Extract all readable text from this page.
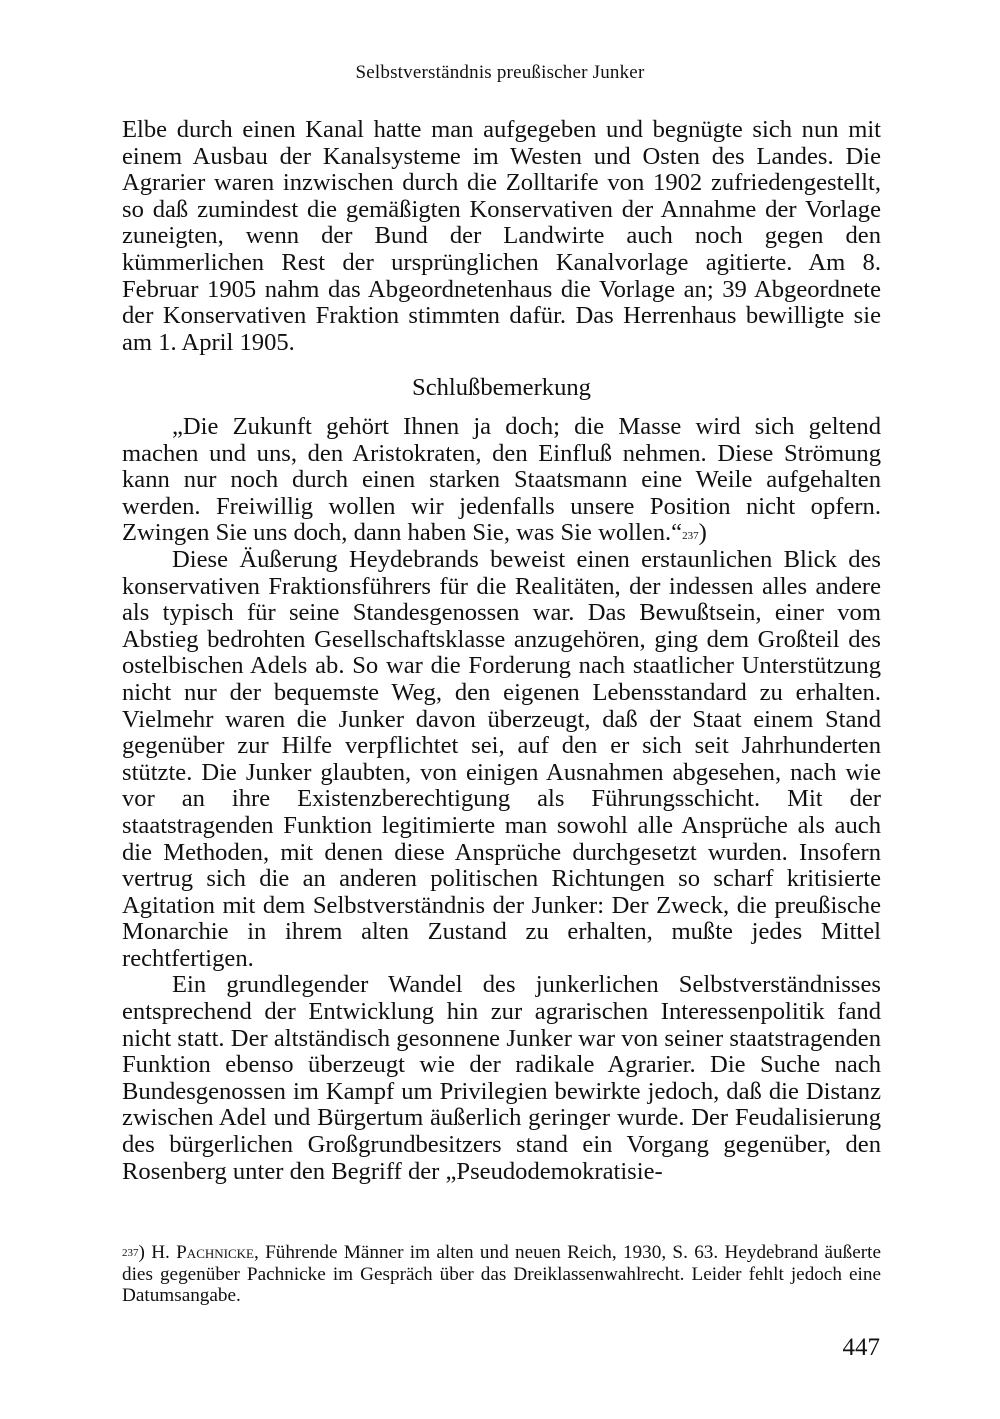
Selbstverständnis preußischer Junker

Elbe durch einen Kanal hatte man aufgegeben und begnügte sich nun mit einem Ausbau der Kanalsysteme im Westen und Osten des Landes. Die Agrarier waren inzwischen durch die Zolltarife von 1902 zufriedengestellt, so daß zumindest die gemäßigten Konservativen der Annahme der Vorlage zuneigten, wenn der Bund der Landwirte auch noch gegen den kümmerlichen Rest der ursprünglichen Kanalvorlage agitierte. Am 8. Februar 1905 nahm das Abgeordnetenhaus die Vorlage an; 39 Abgeordnete der Konservativen Fraktion stimmten dafür. Das Herrenhaus bewilligte sie am 1. April 1905.

Schlußbemerkung

„Die Zukunft gehört Ihnen ja doch; die Masse wird sich geltend machen und uns, den Aristokraten, den Einfluß nehmen. Diese Strömung kann nur noch durch einen starken Staatsmann eine Weile aufgehalten werden. Freiwillig wollen wir jedenfalls unsere Position nicht opfern. Zwingen Sie uns doch, dann haben Sie, was Sie wollen.“$^{237}$)

Diese Äußerung Heydebrands beweist einen erstaunlichen Blick des konservativen Fraktionsführers für die Realitäten, der indessen alles andere als typisch für seine Standesgenossen war. Das Bewußtsein, einer vom Abstieg bedrohten Gesellschaftsklasse anzugehören, ging dem Großteil des ostelbischen Adels ab. So war die Forderung nach staatlicher Unterstützung nicht nur der bequemste Weg, den eigenen Lebensstandard zu erhalten. Vielmehr waren die Junker davon überzeugt, daß der Staat einem Stand gegenüber zur Hilfe verpflichtet sei, auf den er sich seit Jahrhunderten stützte. Die Junker glaubten, von einigen Ausnahmen abgesehen, nach wie vor an ihre Existenzberechtigung als Führungsschicht. Mit der staatstragenden Funktion legitimierte man sowohl alle Ansprüche als auch die Methoden, mit denen diese Ansprüche durchgesetzt wurden. Insofern vertrug sich die an anderen politischen Richtungen so scharf kritisierte Agitation mit dem Selbstverständnis der Junker: Der Zweck, die preußische Monarchie in ihrem alten Zustand zu erhalten, mußte jedes Mittel rechtfertigen.

Ein grundlegender Wandel des junkerlichen Selbstverständnisses entsprechend der Entwicklung hin zur agrarischen Interessenpolitik fand nicht statt. Der altständisch gesonnene Junker war von seiner staatstragenden Funktion ebenso überzeugt wie der radikale Agrarier. Die Suche nach Bundesgenossen im Kampf um Privilegien bewirkte jedoch, daß die Distanz zwischen Adel und Bürgertum äußerlich geringer wurde. Der Feudalisierung des bürgerlichen Großgrundbesitzers stand ein Vorgang gegenüber, den Rosenberg unter den Begriff der „Pseudodemokratisie-

$^{237}$) H. Pachnicke, Führende Männer im alten und neuen Reich, 1930, S. 63. Heydebrand äußerte dies gegenüber Pachnicke im Gespräch über das Dreiklassenwahlrecht. Leider fehlt jedoch eine Datumsangabe.

447
